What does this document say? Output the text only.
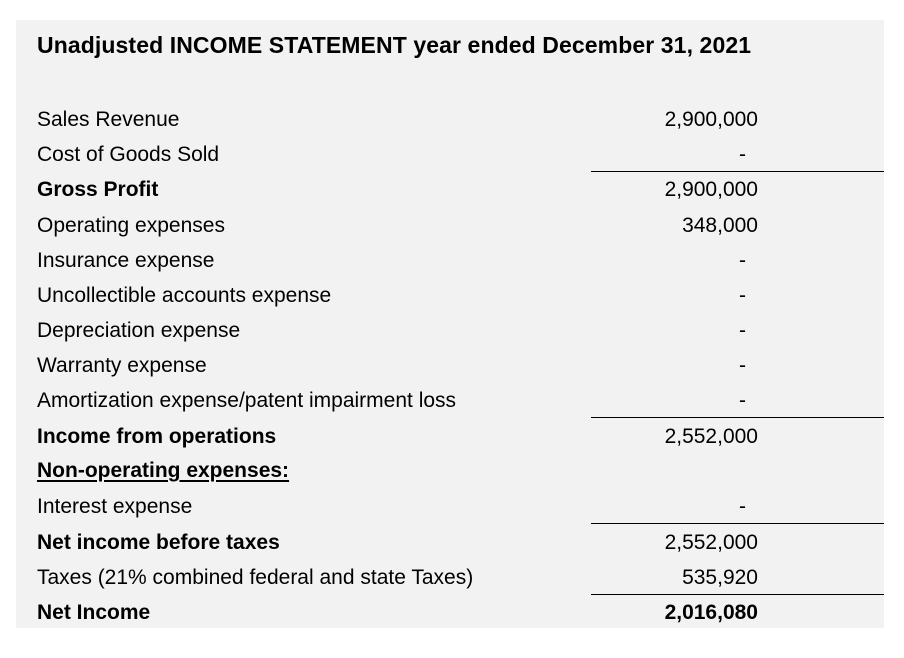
Unadjusted INCOME STATEMENT year ended December 31, 2021
Sales Revenue	2,900,000
Cost of Goods Sold	-
Gross Profit	2,900,000
Operating expenses	348,000
Insurance expense	-
Uncollectible accounts expense	-
Depreciation expense	-
Warranty expense	-
Amortization expense/patent impairment loss	-
Income from operations	2,552,000
Non-operating expenses:
Interest expense	-
Net income before taxes	2,552,000
Taxes (21% combined federal and state Taxes)	535,920
Net Income	2,016,080
